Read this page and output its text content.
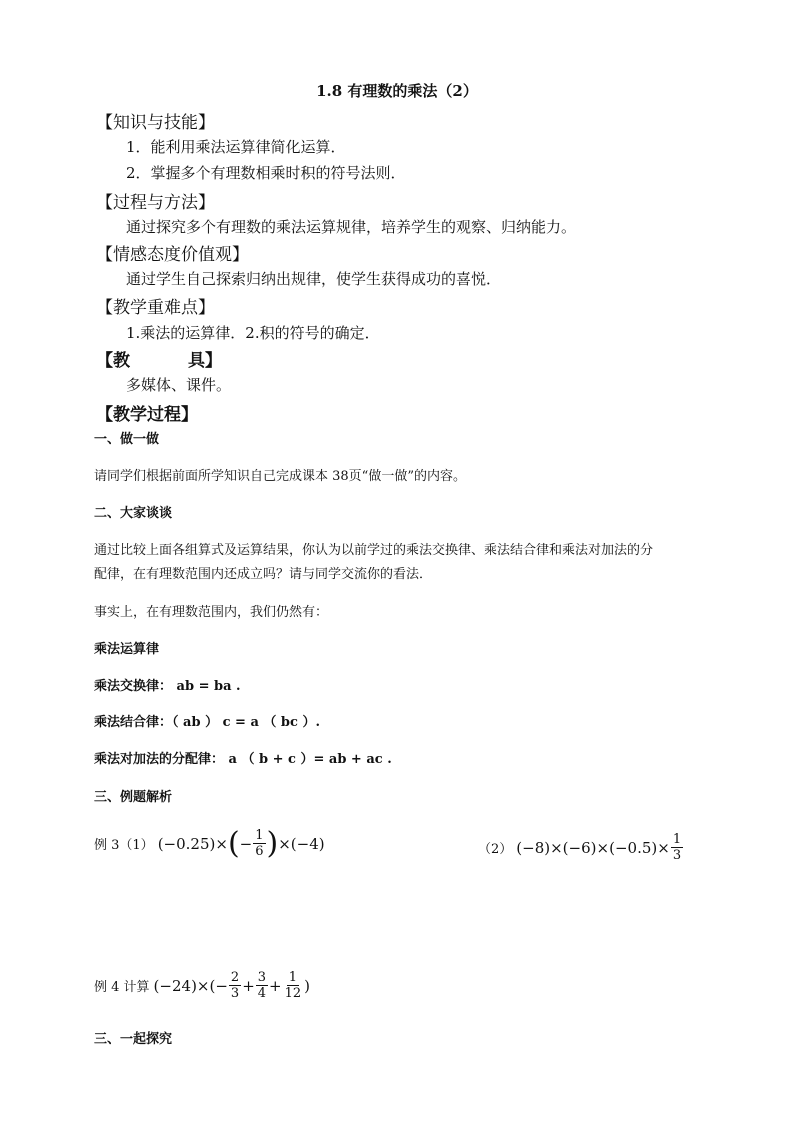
1.8 有理数的乘法（2）
【知识与技能】
1．能利用乘法运算律简化运算．
2．掌握多个有理数相乘时积的符号法则．
【过程与方法】
通过探究多个有理数的乘法运算规律，培养学生的观察、归纳能力。
【情感态度价值观】
通过学生自己探索归纳出规律，使学生获得成功的喜悦．
【教学重难点】
1.乘法的运算律．2.积的符号的确定．
【教	具】
多媒体、课件。
【教学过程】
一、做一做
请同学们根据前面所学知识自己完成课本 38页“做一做”的内容。
二、大家谈谈
通过比较上面各组算式及运算结果，你认为以前学过的乘法交换律、乘法结合律和乘法对加法的分
配律，在有理数范围内还成立吗？请与同学交流你的看法．
事实上，在有理数范围内，我们仍然有：
乘法运算律
乘法交换律： ab = ba .
乘法结合律：（ ab ） c = a （ bc ）.
乘法对加法的分配律： a （ b + c ）= ab + ac .
三、例题解析
例 3（1） ( −0.25 )× ( − $\frac{1}{6}$ ) ×( −4 )	（2） ( −8 )×( −6 )×( −0.5 )× $\frac{1}{3}$
例 4 计算 ( −24 )×(− $\frac{2}{3} + \frac{3}{4} + \frac{1}{12}$ )
三、一起探究
